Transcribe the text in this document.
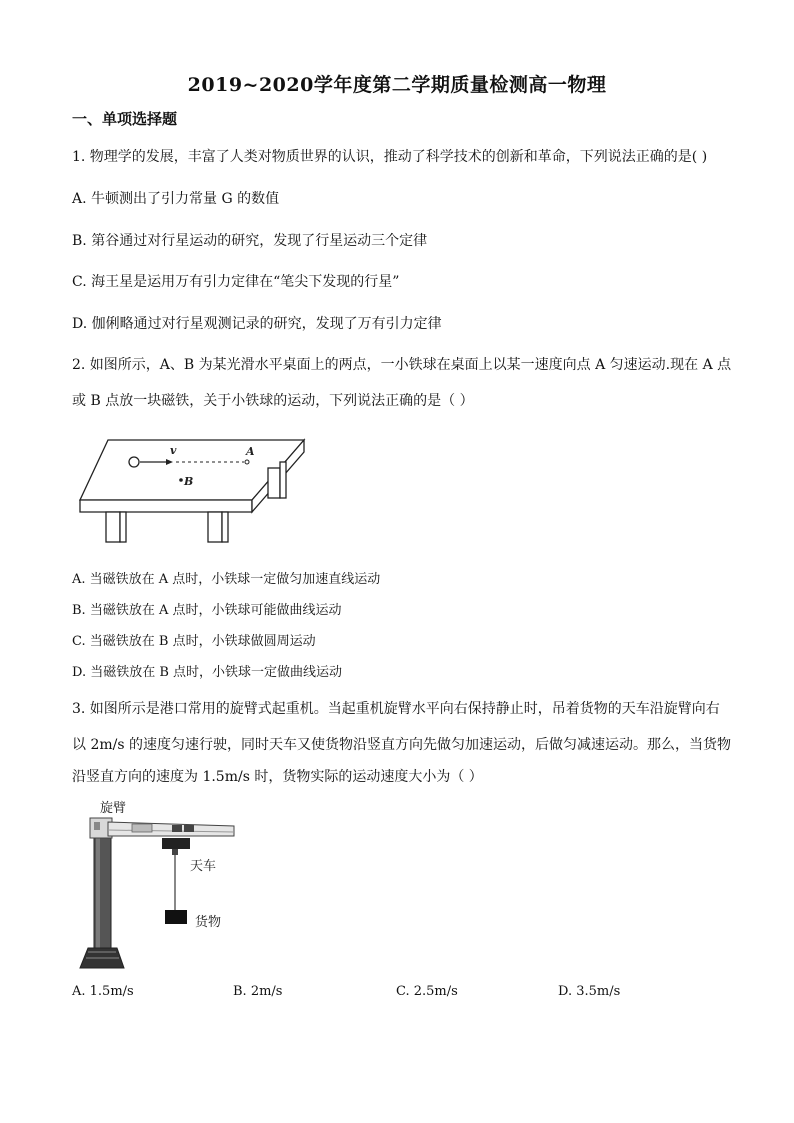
2019~2020学年度第二学期质量检测高一物理
一、单项选择题
1. 物理学的发展，丰富了人类对物质世界的认识，推动了科学技术的创新和革命，下列说法正确的是( )
A. 牛顿测出了引力常量 G 的数值
B. 第谷通过对行星运动的研究，发现了行星运动三个定律
C. 海王星是运用万有引力定律在“笔尖下发现的行星”
D. 伽俐略通过对行星观测记录的研究，发现了万有引力定律
2. 如图所示，A、B 为某光滑水平桌面上的两点，一小铁球在桌面上以某一速度向点 A 匀速运动.现在 A 点
或 B 点放一块磁铁，关于小铁球的运动，下列说法正确的是（ ）
v	A
B
A. 当磁铁放在 A 点时，小铁球一定做匀加速直线运动
B. 当磁铁放在 A 点时，小铁球可能做曲线运动
C. 当磁铁放在 B 点时，小铁球做圆周运动
D. 当磁铁放在 B 点时，小铁球一定做曲线运动
3. 如图所示是港口常用的旋臂式起重机。当起重机旋臂水平向右保持静止时，吊着货物的天车沿旋臂向右
以 2m/s 的速度匀速行驶，同时天车又使货物沿竖直方向先做匀加速运动，后做匀减速运动。那么，当货物
沿竖直方向的速度为 1.5m/s 时，货物实际的运动速度大小为（ ）
旋臂
天车
货物
A. 1.5m/s	B. 2m/s	C. 2.5m/s	D. 3.5m/s
